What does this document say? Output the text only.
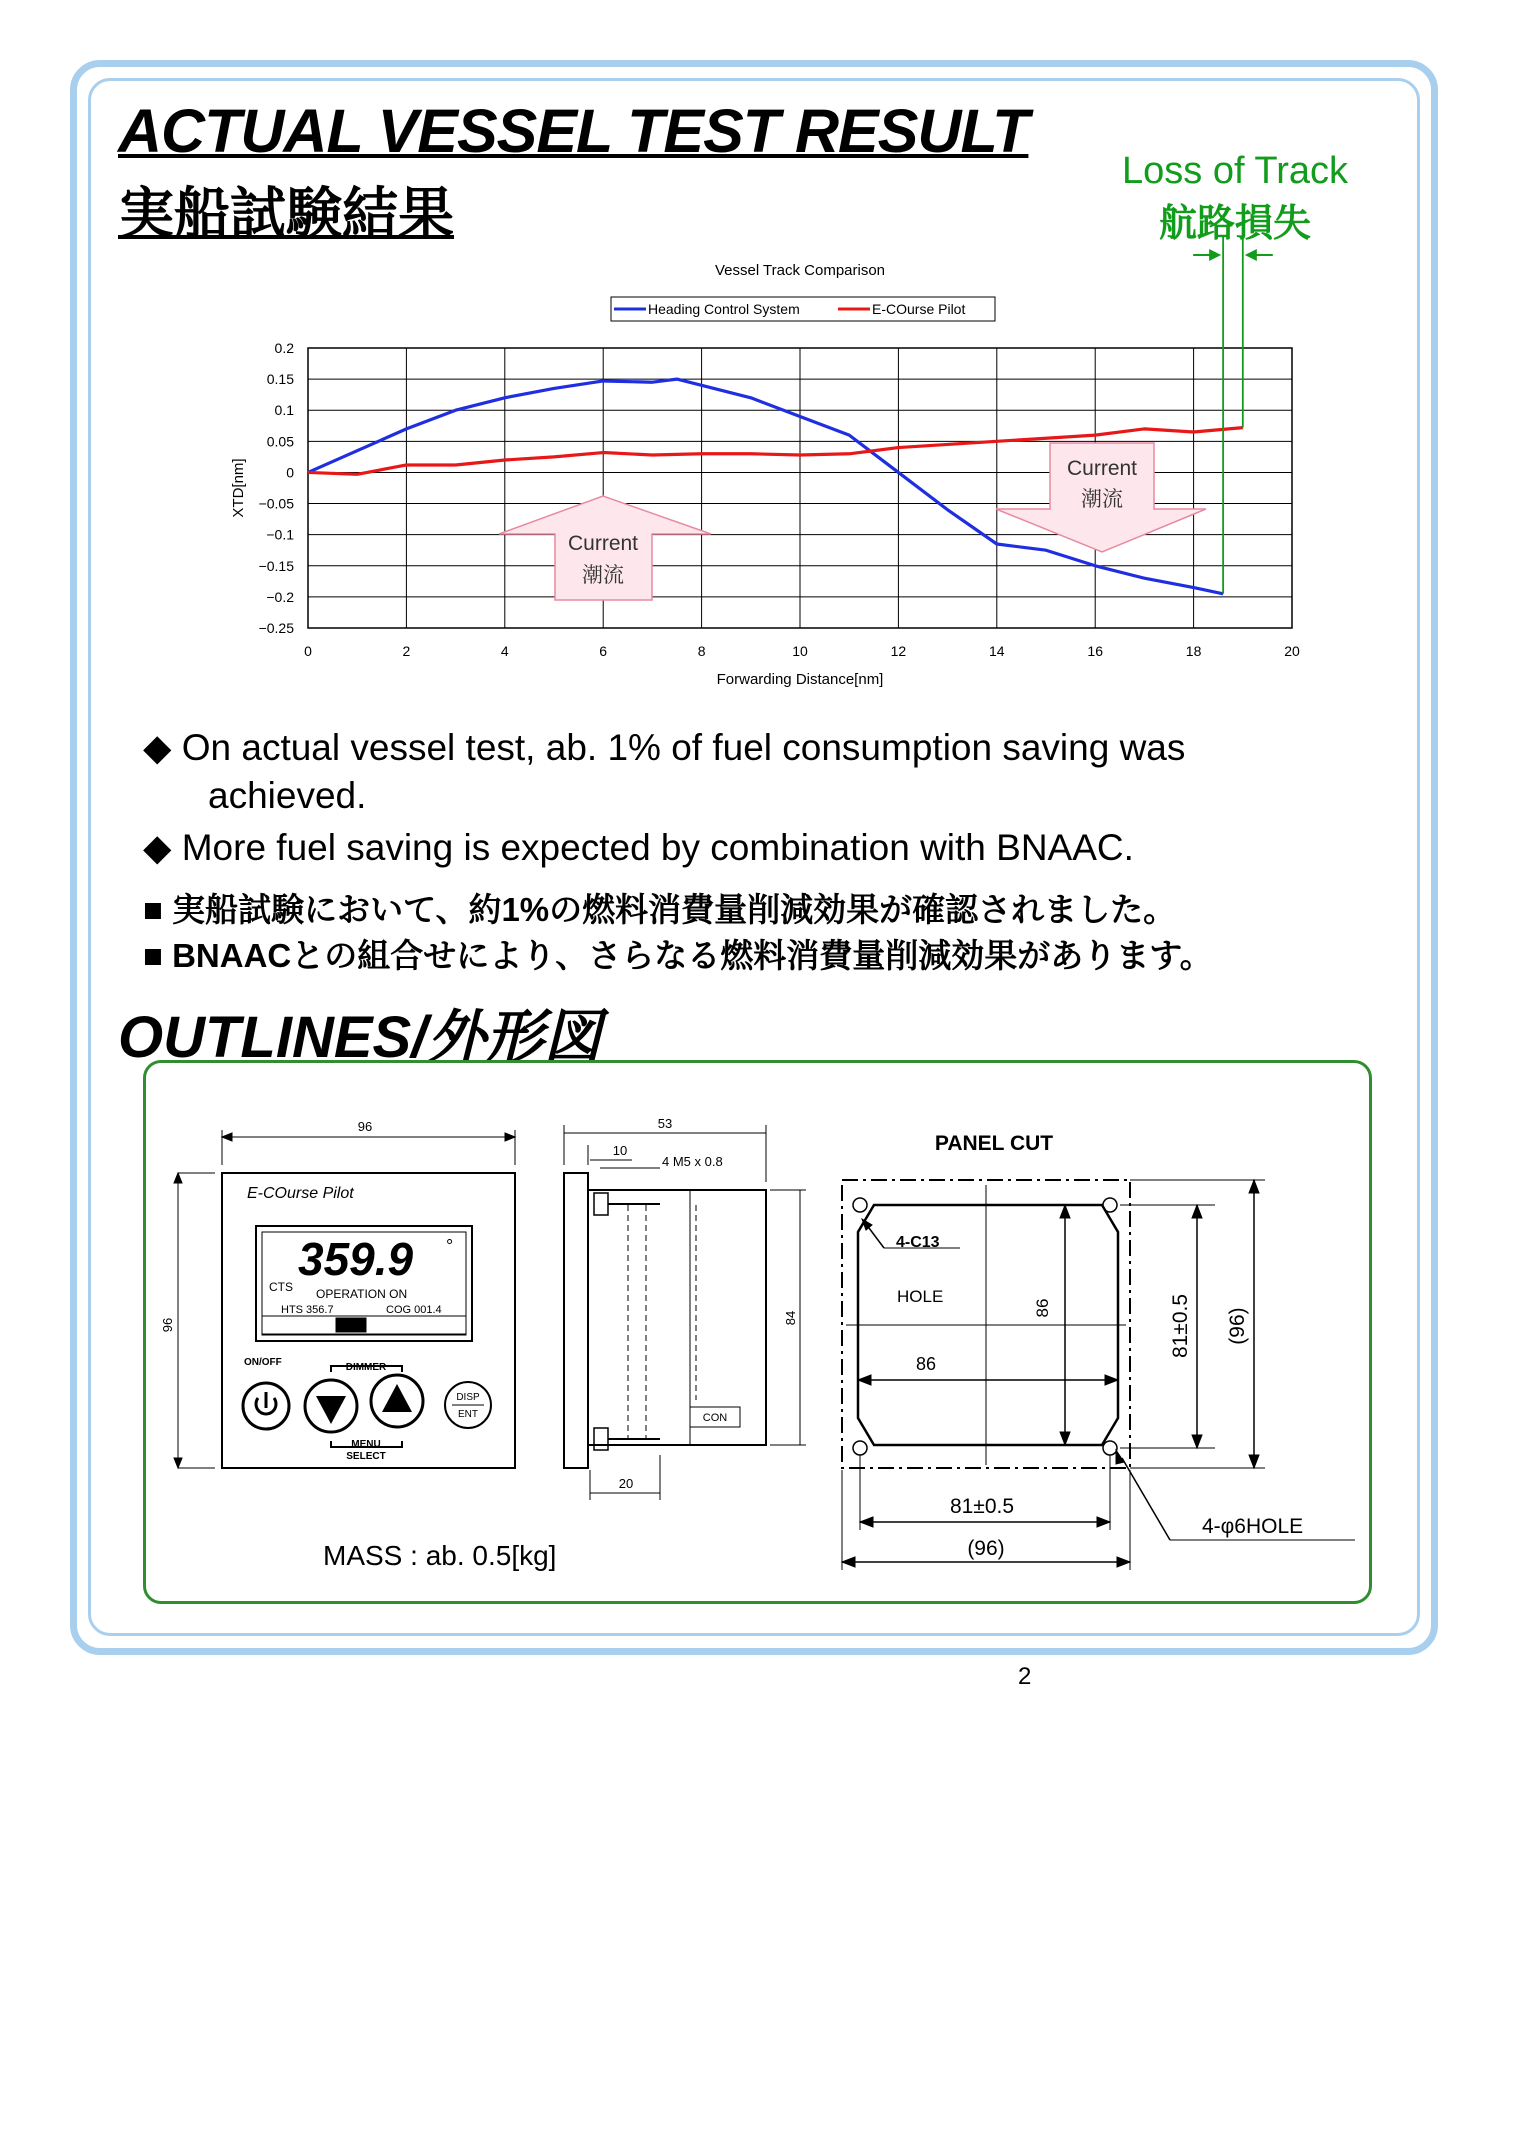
ACTUAL VESSEL TEST RESULT
実船試験結果
Loss of Track
航路損失
0	2	4	6	8	10	12	14	16	18	20
0.2
0.15
0.1
0.05
0
−0.05
−0.1
−0.15
−0.2
−0.25
Vessel Track Comparison
Forwarding Distance[nm]
XTD[nm]
Current
潮流
Current
潮流
Heading Control System	E-COurse Pilot
◆ On actual vessel test, ab. 1% of fuel consumption saving was
achieved.
◆ More fuel saving is expected by combination with BNAAC.
■ 実船試験において、約1%の燃料消費量削減効果が確認されました。
■ BNAACとの組合せにより、さらなる燃料消費量削減効果があります。
OUTLINES/外形図
96
96
E-COurse Pilot
359.9 °
CTS OPERATION ON
HTS 356.7	COG 001.4
ON/OFF	DIMMER
MENU
SELECT
DISP
ENT
53
10
4 M5 x 0.8
84
20
CON
PANEL CUT
4-C13
HOLE
86
86	81±0.5 (96)
81±0.5
(96)
4-φ6HOLE
MASS : ab. 0.5[kg]
2
